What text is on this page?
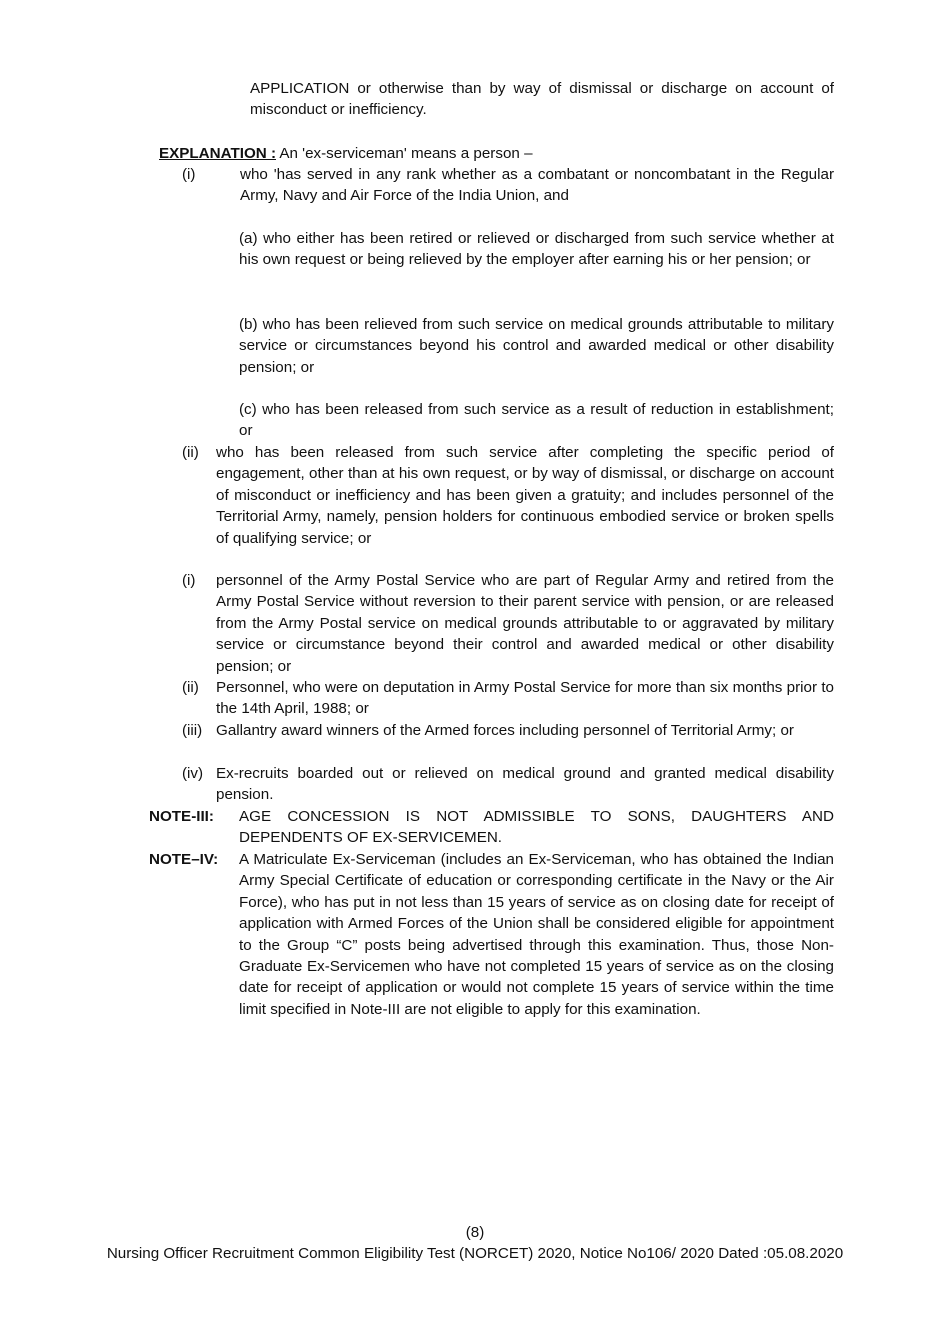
APPLICATION or otherwise than by way of dismissal or discharge on account of misconduct or inefficiency.

EXPLANATION : An 'ex-serviceman' means a person –

(i)	who 'has served in any rank whether as a combatant or noncombatant in the Regular Army, Navy and Air Force of the India Union, and

(a) who either has been retired or relieved or discharged from such service whether at his own request or being relieved by the employer after earning his or her pension; or

(b) who has been relieved from such service on medical grounds attributable to military service or circumstances beyond his control and awarded medical or other disability pension; or

(c) who has been released from such service as a result of reduction in establishment; or

(ii) who has been released from such service after completing the specific period of engagement, other than at his own request, or by way of dismissal, or discharge on account of misconduct or inefficiency and has been given a gratuity; and includes personnel of the Territorial Army, namely, pension holders for continuous embodied service or broken spells of qualifying service; or

(i) personnel of the Army Postal Service who are part of Regular Army and retired from the Army Postal Service without reversion to their parent service with pension, or are released from the Army Postal service on medical grounds attributable to or aggravated by military service or circumstance beyond their control and awarded medical or other disability pension; or

(ii) Personnel, who were on deputation in Army Postal Service for more than six months prior to the 14th April, 1988; or

(iii) Gallantry award winners of the Armed forces including personnel of Territorial Army; or

(iv) Ex-recruits boarded out or relieved on medical ground and granted medical disability pension.

NOTE-III: AGE CONCESSION IS NOT ADMISSIBLE TO SONS, DAUGHTERS AND DEPENDENTS OF EX-SERVICEMEN.

NOTE–IV: A Matriculate Ex-Serviceman (includes an Ex-Serviceman, who has obtained the Indian Army Special Certificate of education or corresponding certificate in the Navy or the Air Force), who has put in not less than 15 years of service as on closing date for receipt of application with Armed Forces of the Union shall be considered eligible for appointment to the Group “C” posts being advertised through this examination. Thus, those Non-Graduate Ex-Servicemen who have not completed 15 years of service as on the closing date for receipt of application or would not complete 15 years of service within the time limit specified in Note-III are not eligible to apply for this examination.

(8)

Nursing Officer Recruitment Common Eligibility Test (NORCET) 2020, Notice No106/ 2020 Dated :05.08.2020
